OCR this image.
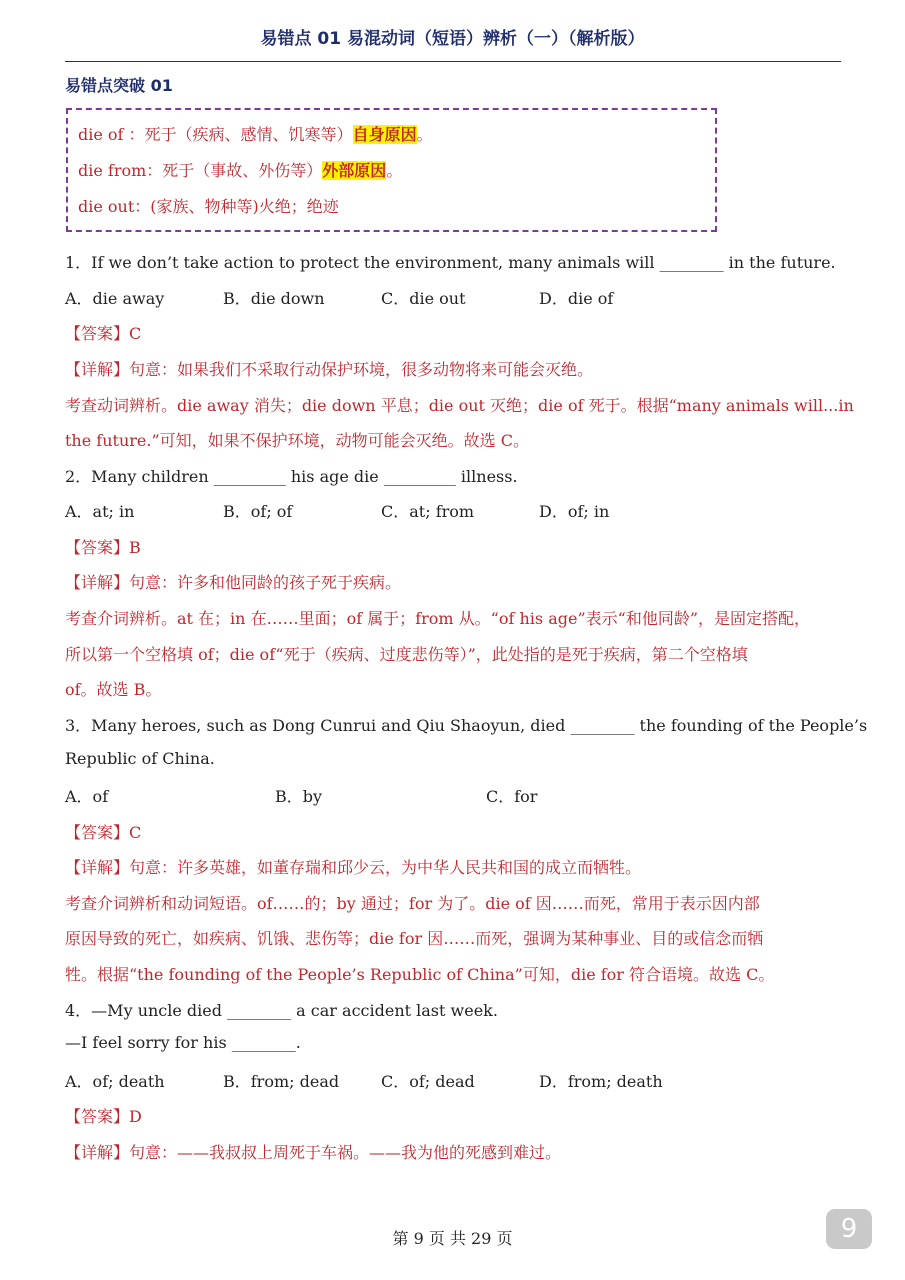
易错点 01 易混动词（短语）辨析（一）（解析版）
易错点突破 01
die of ：死于（疾病、感情、饥寒等）自身原因。
die from：死于（事故、外伤等）外部原因。
die out：(家族、物种等)火绝；绝迹
1．If we don’t take action to protect the environment, many animals will ________ in the future.
A．die away	B．die down	C．die out	D．die of
【答案】C
【详解】句意：如果我们不采取行动保护环境，很多动物将来可能会灭绝。
考查动词辨析。die away 消失；die down 平息；die out 灭绝；die of 死于。根据“many animals will...in
the future.”可知，如果不保护环境，动物可能会灭绝。故选 C。
2．Many children _________ his age die _________ illness.
A．at; in	B．of; of	C．at; from	D．of; in
【答案】B
【详解】句意：许多和他同龄的孩子死于疾病。
考查介词辨析。at 在；in 在……里面；of 属于；from 从。“of his age”表示“和他同龄”，是固定搭配，
所以第一个空格填 of；die of“死于（疾病、过度悲伤等）”，此处指的是死于疾病，第二个空格填
of。故选 B。
3．Many heroes, such as Dong Cunrui and Qiu Shaoyun, died ________ the founding of the People’s
Republic of China.
A．of	B．by	C．for
【答案】C
【详解】句意：许多英雄，如董存瑞和邱少云，为中华人民共和国的成立而牺牲。
考查介词辨析和动词短语。of……的；by 通过；for 为了。die of 因……而死，常用于表示因内部
原因导致的死亡，如疾病、饥饿、悲伤等；die for 因……而死，强调为某种事业、目的或信念而牺
牲。根据“the founding of the People’s Republic of China”可知，die for 符合语境。故选 C。
4．—My uncle died ________ a car accident last week.
—I feel sorry for his ________.
A．of; death	B．from; dead	C．of; dead	D．from; death
【答案】D
【详解】句意：——我叔叔上周死于车祸。——我为他的死感到难过。
第 9 页 共 29 页	9
